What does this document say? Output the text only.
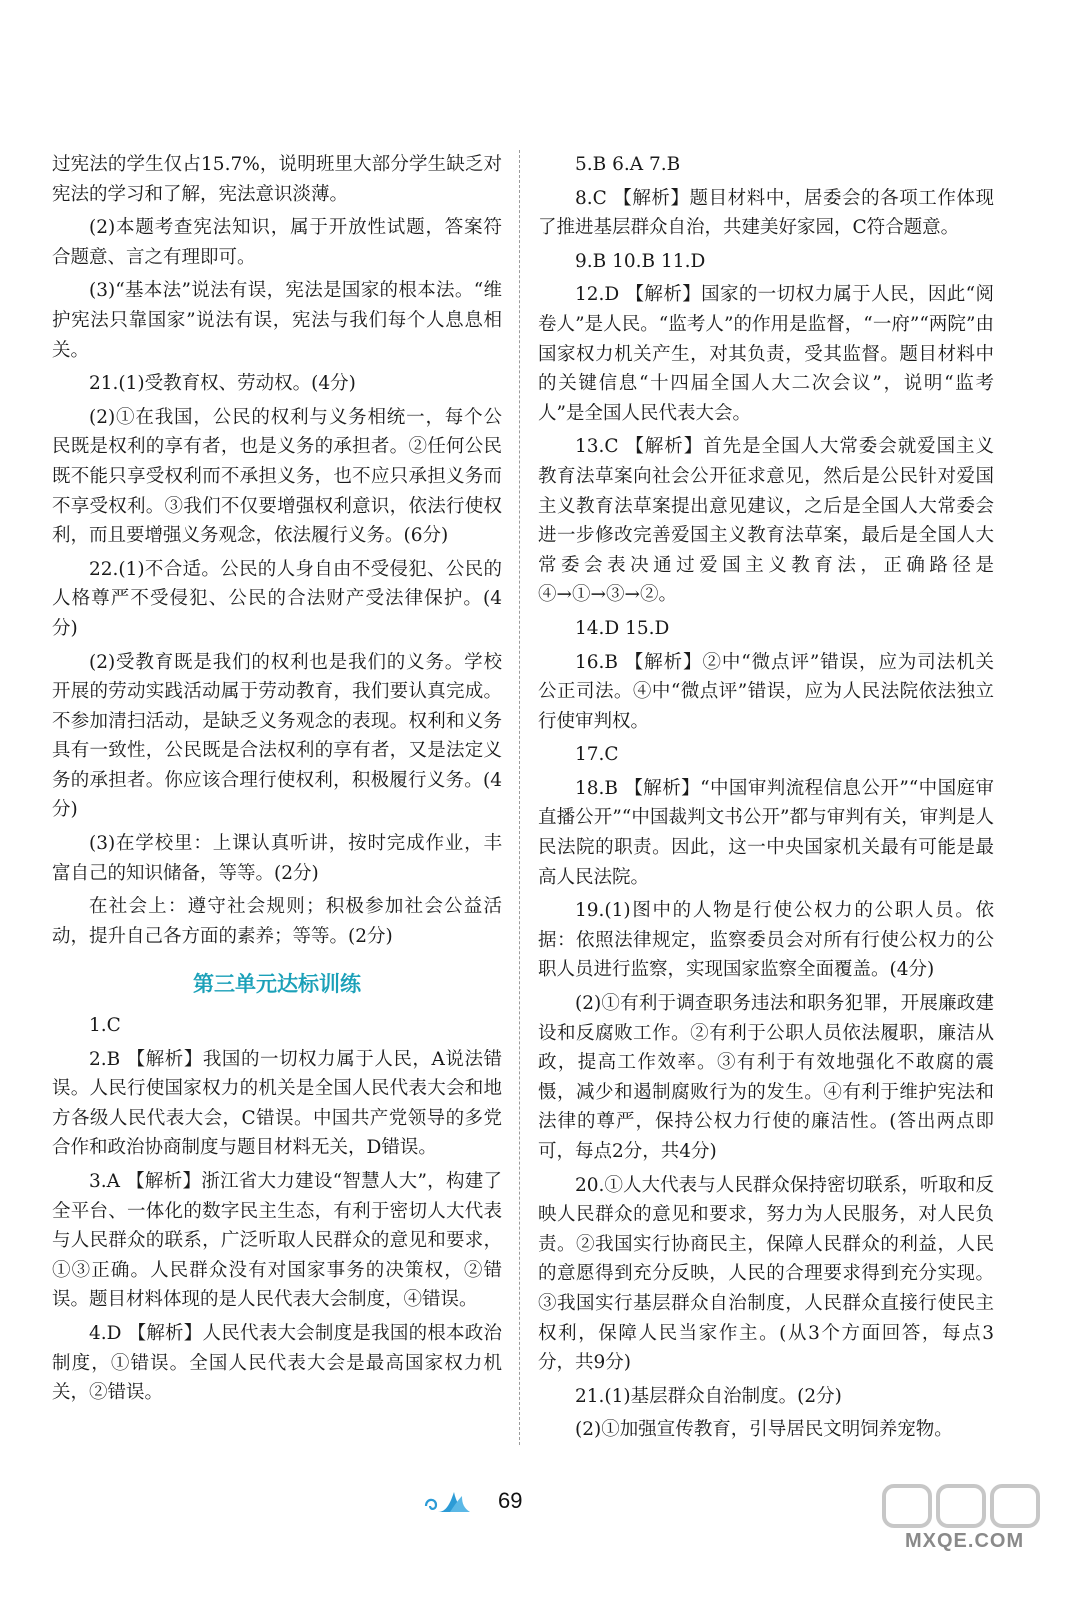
过宪法的学生仅占15.7%，说明班里大部分学生缺乏对宪法的学习和了解，宪法意识淡薄。

(2)本题考查宪法知识，属于开放性试题，答案符合题意、言之有理即可。

(3)“基本法”说法有误，宪法是国家的根本法。“维护宪法只靠国家”说法有误，宪法与我们每个人息息相关。

21.(1)受教育权、劳动权。(4分)

(2)①在我国，公民的权利与义务相统一，每个公民既是权利的享有者，也是义务的承担者。②任何公民既不能只享受权利而不承担义务，也不应只承担义务而不享受权利。③我们不仅要增强权利意识，依法行使权利，而且要增强义务观念，依法履行义务。(6分)

22.(1)不合适。公民的人身自由不受侵犯、公民的人格尊严不受侵犯、公民的合法财产受法律保护。(4分)

(2)受教育既是我们的权利也是我们的义务。学校开展的劳动实践活动属于劳动教育，我们要认真完成。不参加清扫活动，是缺乏义务观念的表现。权利和义务具有一致性，公民既是合法权利的享有者，又是法定义务的承担者。你应该合理行使权利，积极履行义务。(4分)

(3)在学校里：上课认真听讲，按时完成作业，丰富自己的知识储备，等等。(2分)

在社会上：遵守社会规则；积极参加社会公益活动，提升自己各方面的素养；等等。(2分)

第三单元达标训练

1.C

2.B 【解析】我国的一切权力属于人民，A说法错误。人民行使国家权力的机关是全国人民代表大会和地方各级人民代表大会，C错误。中国共产党领导的多党合作和政治协商制度与题目材料无关，D错误。

3.A 【解析】浙江省大力建设“智慧人大”，构建了全平台、一体化的数字民主生态，有利于密切人大代表与人民群众的联系，广泛听取人民群众的意见和要求，①③正确。人民群众没有对国家事务的决策权，②错误。题目材料体现的是人民代表大会制度，④错误。

4.D 【解析】人民代表大会制度是我国的根本政治制度，①错误。全国人民代表大会是最高国家权力机关，②错误。

5.B 6.A 7.B

8.C 【解析】题目材料中，居委会的各项工作体现了推进基层群众自治，共建美好家园，C符合题意。

9.B 10.B 11.D

12.D 【解析】国家的一切权力属于人民，因此“阅卷人”是人民。“监考人”的作用是监督，“一府”“两院”由国家权力机关产生，对其负责，受其监督。题目材料中的关键信息“十四届全国人大二次会议”，说明“监考人”是全国人民代表大会。

13.C 【解析】首先是全国人大常委会就爱国主义教育法草案向社会公开征求意见，然后是公民针对爱国主义教育法草案提出意见建议，之后是全国人大常委会进一步修改完善爱国主义教育法草案，最后是全国人大常委会表决通过爱国主义教育法，正确路径是④→①→③→②。

14.D 15.D

16.B 【解析】②中“微点评”错误，应为司法机关公正司法。④中“微点评”错误，应为人民法院依法独立行使审判权。

17.C

18.B 【解析】“中国审判流程信息公开”“中国庭审直播公开”“中国裁判文书公开”都与审判有关，审判是人民法院的职责。因此，这一中央国家机关最有可能是最高人民法院。

19.(1)图中的人物是行使公权力的公职人员。依据：依照法律规定，监察委员会对所有行使公权力的公职人员进行监察，实现国家监察全面覆盖。(4分)

(2)①有利于调查职务违法和职务犯罪，开展廉政建设和反腐败工作。②有利于公职人员依法履职，廉洁从政，提高工作效率。③有利于有效地强化不敢腐的震慑，减少和遏制腐败行为的发生。④有利于维护宪法和法律的尊严，保持公权力行使的廉洁性。(答出两点即可，每点2分，共4分)

20.①人大代表与人民群众保持密切联系，听取和反映人民群众的意见和要求，努力为人民服务，对人民负责。②我国实行协商民主，保障人民群众的利益，人民的意愿得到充分反映，人民的合理要求得到充分实现。③我国实行基层群众自治制度，人民群众直接行使民主权利，保障人民当家作主。(从3个方面回答，每点3分，共9分)

21.(1)基层群众自治制度。(2分)

(2)①加强宣传教育，引导居民文明饲养宠物。

69
MXQE.COM
